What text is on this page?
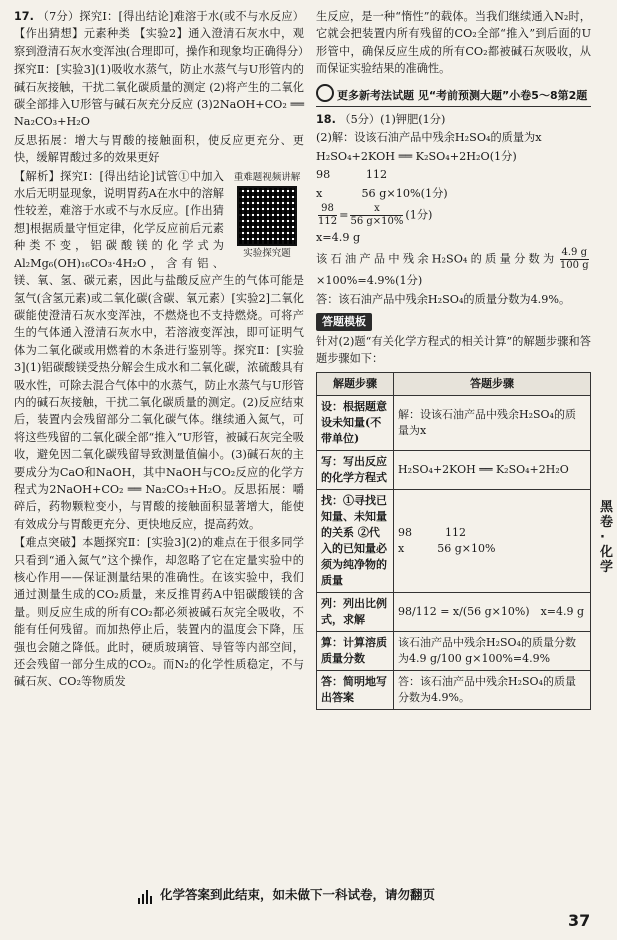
17. （7分）探究Ⅰ：[得出结论]难溶于水(或不与水反应）【作出猜想】元素种类 【实验2】通入澄清石灰水中，观察到澄清石灰水变浑浊(合理即可，操作和现象均正确得分）

探究Ⅱ：[实验3](1)吸收水蒸气，防止水蒸气与U形管内的碱石灰接触，干扰二氧化碳质量的测定 (2)将产生的二氧化碳全部排入U形管与碱石灰充分反应 (3)2NaOH+CO₂ ══ Na₂CO₃+H₂O

反思拓展：增大与胃酸的接触面积，使反应更充分、更快，缓解胃酸过多的效果更好

重难题视频讲解
实验探究题

【解析】探究Ⅰ：[得出结论]试管①中加入水后无明显现象，说明胃药A在水中的溶解性较差，难溶于水或不与水反应。[作出猜想]根据质量守恒定律，化学反应前后元素种类不变，铝碳酸镁的化学式为Al₂Mg₆(OH)₁₆CO₃·4H₂O，含有铝、镁、氧、氢、碳元素，因此与盐酸反应产生的气体可能是氢气(含氢元素)或二氧化碳(含碳、氧元素）[实验2]二氧化碳能使澄清石灰水变浑浊，不燃烧也不支持燃烧。可将产生的气体通入澄清石灰水中，若溶液变浑浊，即可证明气体为二氧化碳或用燃着的木条进行鉴别等。探究Ⅱ：[实验3](1)铝碳酸镁受热分解会生成水和二氧化碳，浓硫酸具有吸水性，可除去混合气体中的水蒸气，防止水蒸气与U形管内的碱石灰接触，干扰二氧化碳质量的测定。(2)反应结束后，装置内会残留部分二氧化碳气体。继续通入氮气，可将这些残留的二氧化碳全部“推入”U形管，被碱石灰完全吸收，避免因二氧化碳残留导致测量值偏小。(3)碱石灰的主要成分为CaO和NaOH，其中NaOH与CO₂反应的化学方程式为2NaOH+CO₂ ══ Na₂CO₃+H₂O。反思拓展：嚼碎后，药物颗粒变小，与胃酸的接触面积显著增大，能使有效成分与胃酸更充分、更快地反应，提高药效。

【难点突破】本题探究Ⅱ：[实验3](2)的难点在于很多同学只看到“通入氮气”这个操作，却忽略了它在定量实验中的核心作用——保证测量结果的准确性。在该实验中，我们通过测量生成的CO₂质量，来反推胃药A中铝碳酸镁的含量。则反应生成的所有CO₂都必须被碱石灰完全吸收，不能有任何残留。而加热停止后，装置内的温度会下降，压强也会随之降低。此时，硬质玻璃管、导管等内部空间，还会残留一部分生成的CO₂。而N₂的化学性质稳定，不与碱石灰、CO₂等物质发

生反应，是一种“惰性”的载体。当我们继续通入N₂时，它就会把装置内所有残留的CO₂全部“推入”到后面的U形管中，确保反应生成的所有CO₂都被碱石灰吸收，从而保证实验结果的准确性。

更多新考法试题 见“考前预测大题”小卷5～8第2题

18. （5分）(1)钾肥(1分)

(2)解：设该石油产品中残余H₂SO₄的质量为x

H₂SO₄+2KOH ══ K₂SO₄+2H₂O(1分)

98	112

x	56 g×10%(1分)

$\frac{98}{112} = \frac{x}{56 g\times 10\%} (1$分)

x=4.9 g

该石油产品中残余H₂SO₄的质量分数为 $\frac{4.9 g}{100 g}$
×100%=4.9%(1分)

答：该石油产品中残余H₂SO₄的质量分数为4.9%。

答题模板

针对(2)题“有关化学方程式的相关计算”的解题步骤和答题步骤如下：

解题步骤	答题步骤
设：根据题意设未知量(不带单位)	解：设该石油产品中残余H₂SO₄的质量为x
写：写出反应的化学方程式	H₂SO₄+2KOH ══ K₂SO₄+2H₂O
找：①寻找已知量、未知量的关系 ②代入的已知量必须为纯净物的质量	98　　　112
x　　　56 g×10%
列：列出比例式，求解	98/112 = x/(56 g×10%)　x=4.9 g
算：计算溶质质量分数	该石油产品中残余H₂SO₄的质量分数为4.9 g/100 g×100%=4.9%
答：简明地写出答案	答：该石油产品中残余H₂SO₄的质量分数为4.9%。
黑卷·化学
化学答案到此结束，如未做下一科试卷，请勿翻页
37
